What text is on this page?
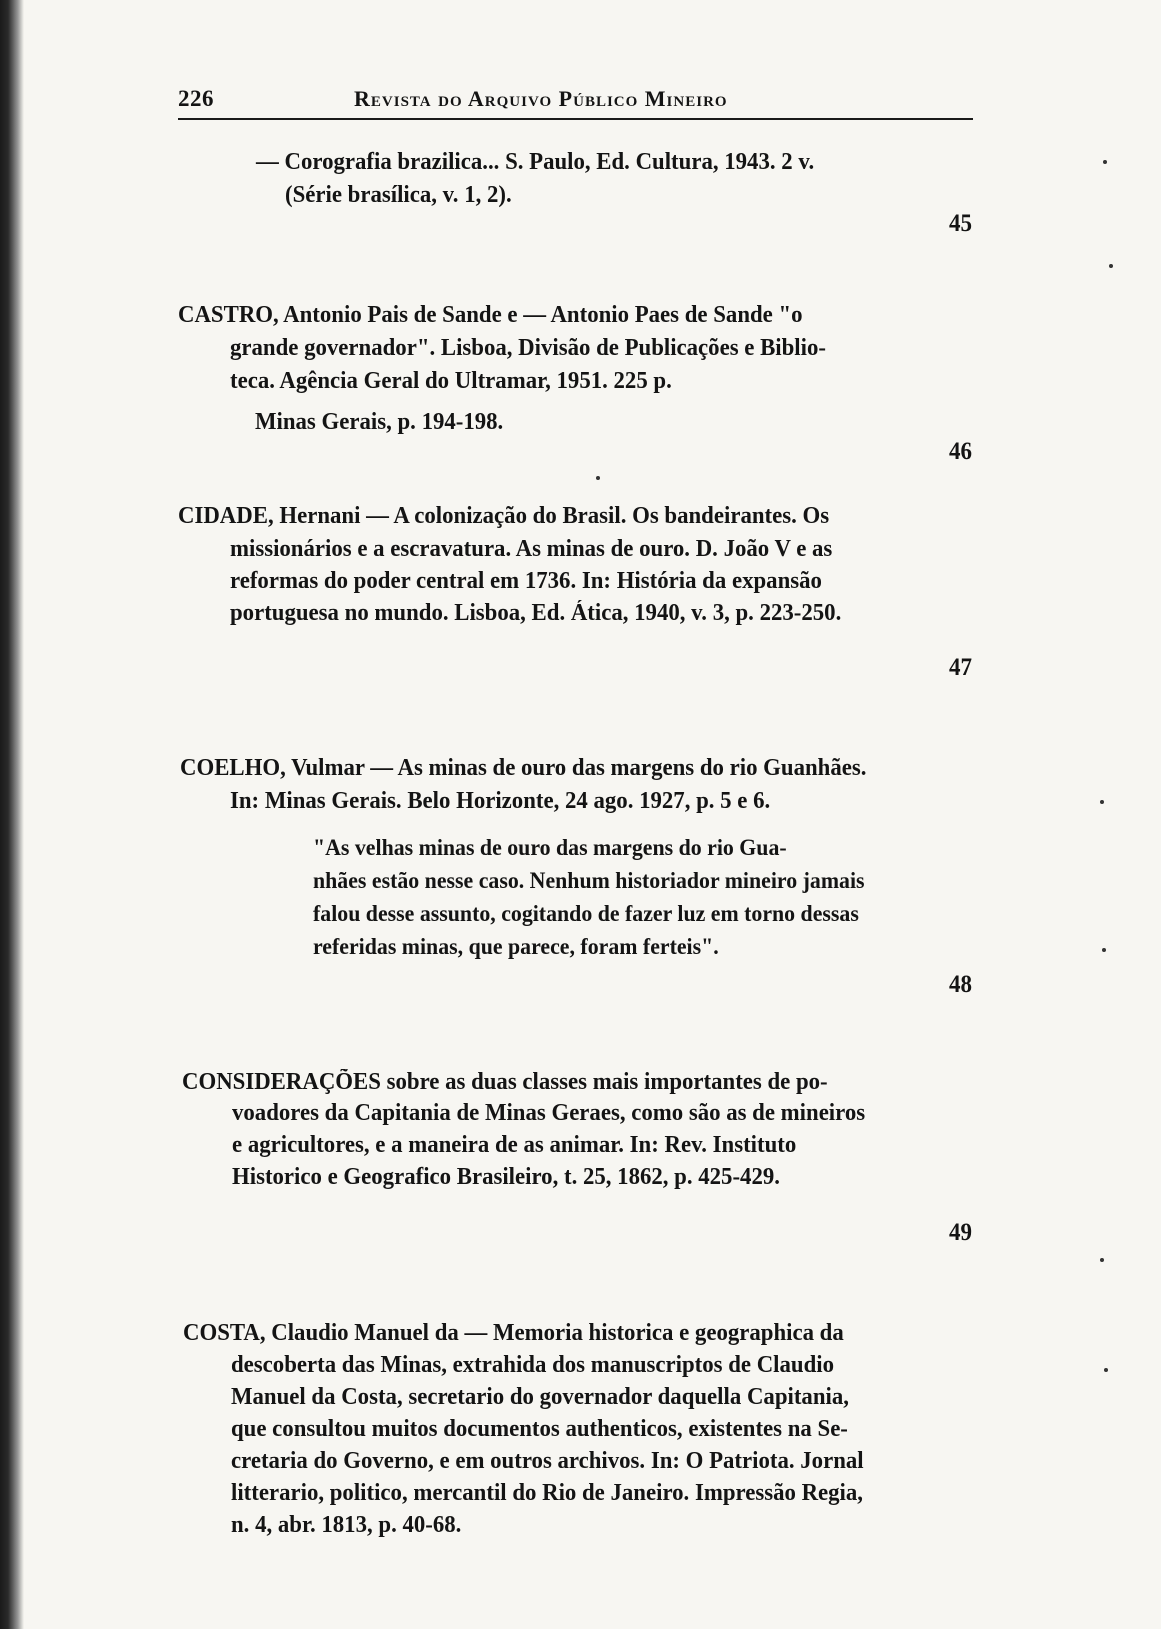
226	Revista do Arquivo Público Mineiro
— Corografia brazilica... S. Paulo, Ed. Cultura, 1943. 2 v.
(Série brasílica, v. 1, 2).
45
CASTRO, Antonio Pais de Sande e — Antonio Paes de Sande "o
grande governador". Lisboa, Divisão de Publicações e Biblio-
teca. Agência Geral do Ultramar, 1951. 225 p.
Minas Gerais, p. 194-198.
46
CIDADE, Hernani — A colonização do Brasil. Os bandeirantes. Os
missionários e a escravatura. As minas de ouro. D. João V e as
reformas do poder central em 1736. In: História da expansão
portuguesa no mundo. Lisboa, Ed. Ática, 1940, v. 3, p. 223-250.
47
COELHO, Vulmar — As minas de ouro das margens do rio Guanhães.
In: Minas Gerais. Belo Horizonte, 24 ago. 1927, p. 5 e 6.
"As velhas minas de ouro das margens do rio Gua-
nhães estão nesse caso. Nenhum historiador mineiro jamais
falou desse assunto, cogitando de fazer luz em torno dessas
referidas minas, que parece, foram ferteis".
48
CONSIDERAÇÕES sobre as duas classes mais importantes de po-
voadores da Capitania de Minas Geraes, como são as de mineiros
e agricultores, e a maneira de as animar. In: Rev. Instituto
Historico e Geografico Brasileiro, t. 25, 1862, p. 425-429.
49
COSTA, Claudio Manuel da — Memoria historica e geographica da
descoberta das Minas, extrahida dos manuscriptos de Claudio
Manuel da Costa, secretario do governador daquella Capitania,
que consultou muitos documentos authenticos, existentes na Se-
cretaria do Governo, e em outros archivos. In: O Patriota. Jornal
litterario, politico, mercantil do Rio de Janeiro. Impressão Regia,
n. 4, abr. 1813, p. 40-68.
